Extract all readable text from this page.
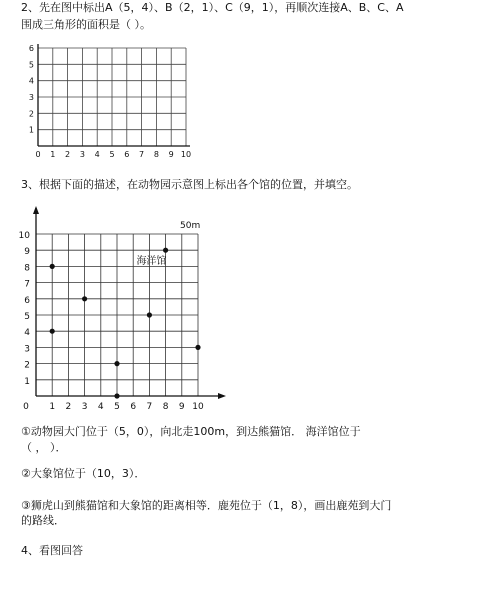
2、先在图中标出A（5，4）、B（2，1）、C（9，1），再顺次连接A、B、C、A
围成三角形的面积是（ ）。
0 1 2 3 4 5 6 7 8 9 10
1
2
3
4
5
6
3、根据下面的描述，在动物园示意图上标出各个馆的位置，并填空。
0 1 2 3 4 5 6 7 8 9 10
1
2
3
4
5
6
7
8
9
10
50m
海洋馆
①动物园大门位于（5，0），向北走100m，到达熊猫馆． 海洋馆位于
（ ， ）．
②大象馆位于（10，3）．
③狮虎山到熊猫馆和大象馆的距离相等．鹿苑位于（1，8），画出鹿苑到大门
的路线．
4、看图回答
